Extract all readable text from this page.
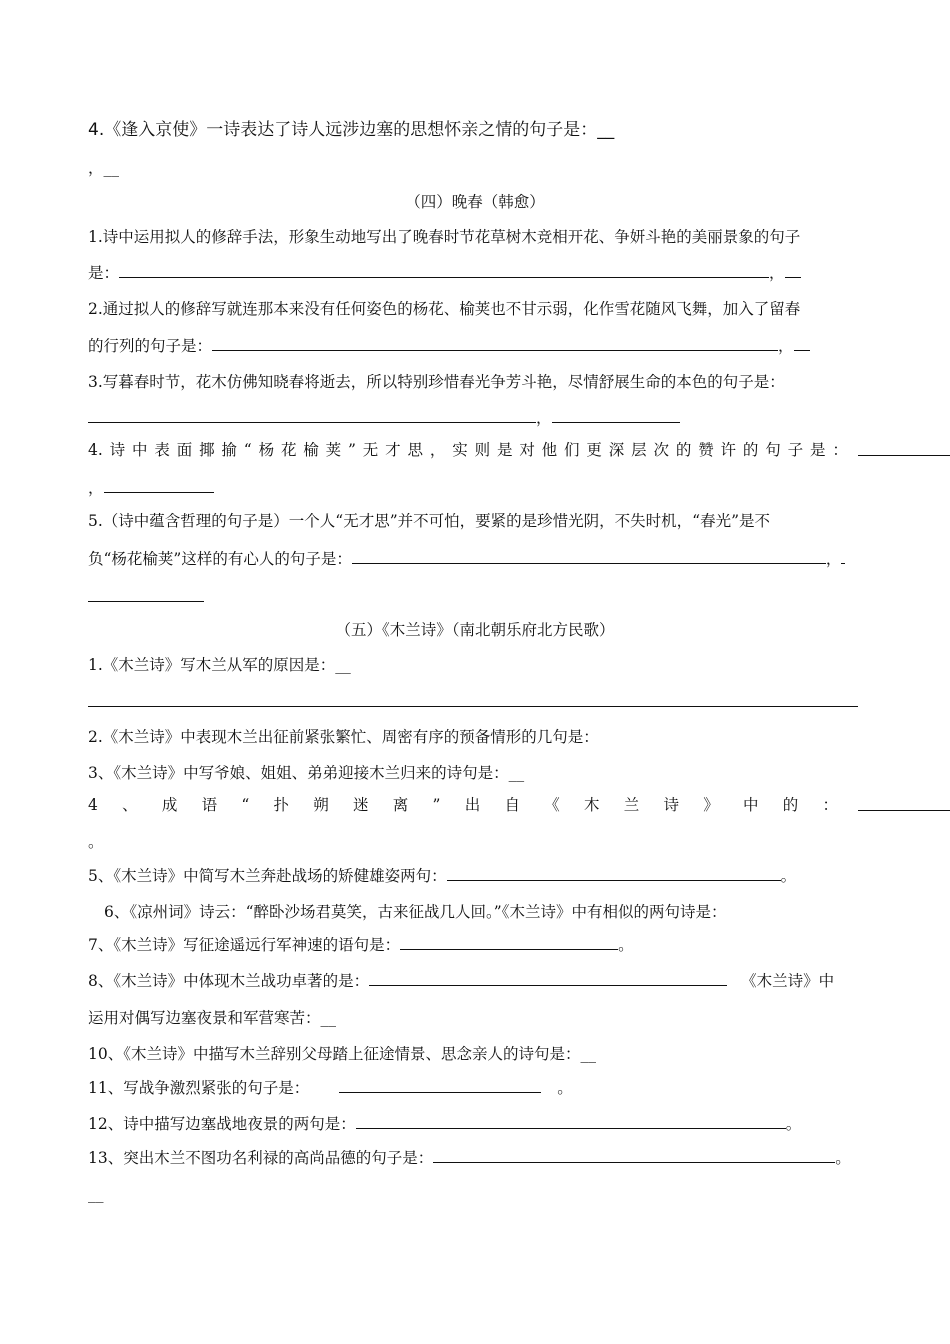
4.《逢入京使》一诗表达了诗人远涉边塞的思想怀亲之情的句子是：__
，__
（四）晚春（韩愈）
1.诗中运用拟人的修辞手法，形象生动地写出了晚春时节花草树木竞相开花、争妍斗艳的美丽景象的句子
是：	，
2.通过拟人的修辞写就连那本来没有任何姿色的杨花、榆荚也不甘示弱，化作雪花随风飞舞，加入了留春
的行列的句子是：	，
3.写暮春时节，花木仿佛知晓春将逝去，所以特别珍惜春光争芳斗艳，尽情舒展生命的本色的句子是：
，
4. 诗 中 表 面 揶 揄 “ 杨 花 榆 荚 ” 无 才 思 ， 实 则 是 对 他 们 更 深 层 次 的 赞 许 的 句 子 是 ：
，
5.（诗中蕴含哲理的句子是）一个人“无才思”并不可怕，要紧的是珍惜光阴，不失时机，“春光”是不
负“杨花榆荚”这样的有心人的句子是：	，
（五）《木兰诗》（南北朝乐府北方民歌）
1.《木兰诗》写木兰从军的原因是：__
2.《木兰诗》中表现木兰出征前紧张繁忙、周密有序的预备情形的几句是：
3、《木兰诗》中写爷娘、姐姐、弟弟迎接木兰归来的诗句是：__
4 、 成 语 “ 扑 朔 迷 离 ” 出 自 《 木 兰 诗 》 中 的 ：
。
5、《木兰诗》中简写木兰奔赴战场的矫健雄姿两句：	。
6、《凉州词》诗云：“醉卧沙场君莫笑，古来征战几人回。”《木兰诗》中有相似的两句诗是：
7、《木兰诗》写征途遥远行军神速的语句是：	。
8、《木兰诗》中体现木兰战功卓著的是：	《木兰诗》中
运用对偶写边塞夜景和军营寒苦：__
10、《木兰诗》中描写木兰辞别父母踏上征途情景、思念亲人的诗句是：__
11、写战争激烈紧张的句子是：	。
12、诗中描写边塞战地夜景的两句是：	。
13、突出木兰不图功名利禄的高尚品德的句子是：	。
__
